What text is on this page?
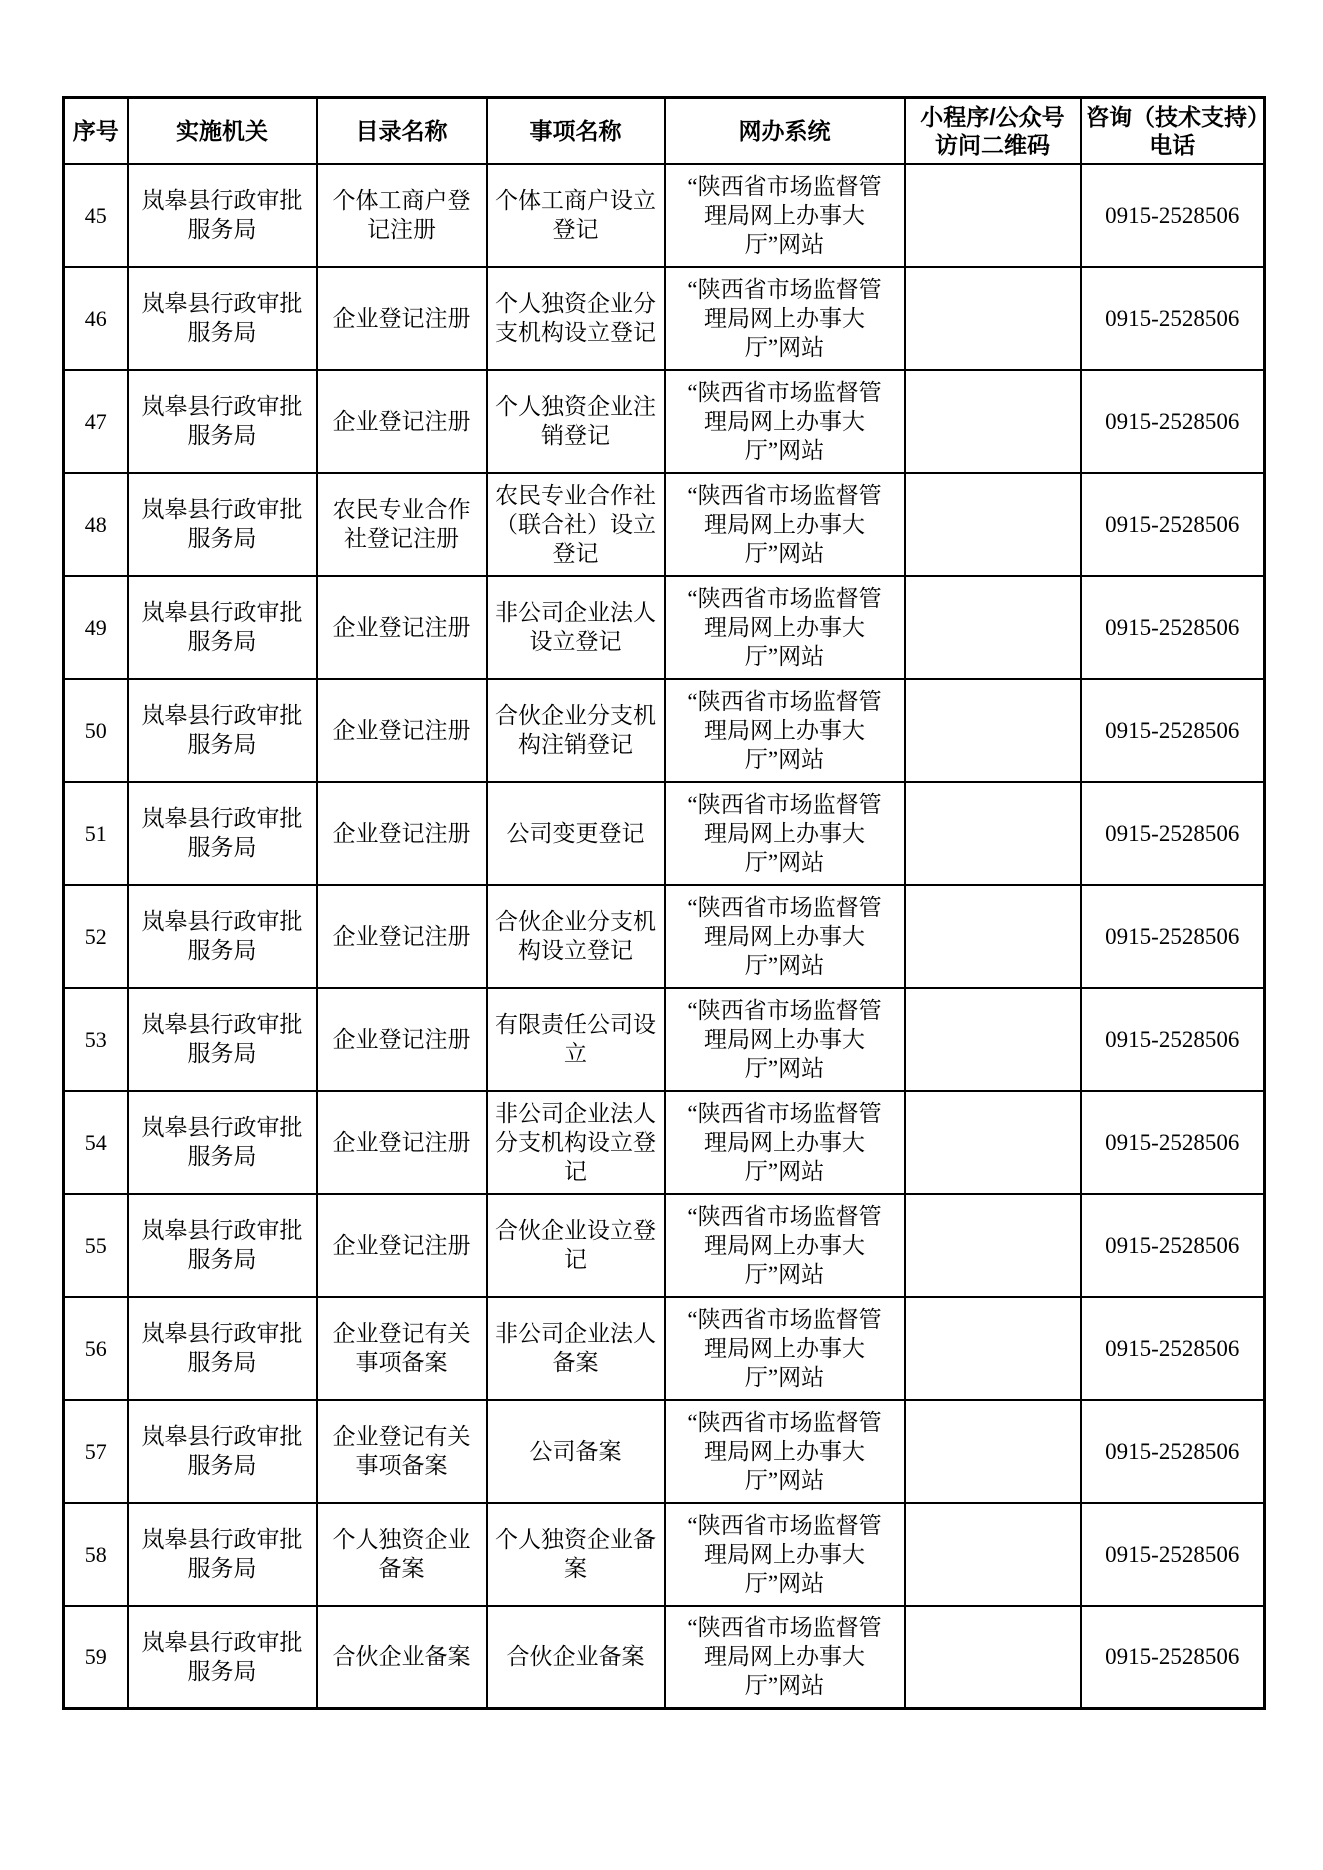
序号	实施机关	目录名称	事项名称	网办系统	小程序/公众号访问二维码	咨询（技术支持）电话
45	岚皋县行政审批服务局	个体工商户登记注册	个体工商户设立登记	“陕西省市场监督管理局网上办事大厅”网站		0915-2528506
46	岚皋县行政审批服务局	企业登记注册	个人独资企业分支机构设立登记	“陕西省市场监督管理局网上办事大厅”网站		0915-2528506
47	岚皋县行政审批服务局	企业登记注册	个人独资企业注销登记	“陕西省市场监督管理局网上办事大厅”网站		0915-2528506
48	岚皋县行政审批服务局	农民专业合作社登记注册	农民专业合作社（联合社）设立登记	“陕西省市场监督管理局网上办事大厅”网站		0915-2528506
49	岚皋县行政审批服务局	企业登记注册	非公司企业法人设立登记	“陕西省市场监督管理局网上办事大厅”网站		0915-2528506
50	岚皋县行政审批服务局	企业登记注册	合伙企业分支机构注销登记	“陕西省市场监督管理局网上办事大厅”网站		0915-2528506
51	岚皋县行政审批服务局	企业登记注册	公司变更登记	“陕西省市场监督管理局网上办事大厅”网站		0915-2528506
52	岚皋县行政审批服务局	企业登记注册	合伙企业分支机构设立登记	“陕西省市场监督管理局网上办事大厅”网站		0915-2528506
53	岚皋县行政审批服务局	企业登记注册	有限责任公司设立	“陕西省市场监督管理局网上办事大厅”网站		0915-2528506
54	岚皋县行政审批服务局	企业登记注册	非公司企业法人分支机构设立登记	“陕西省市场监督管理局网上办事大厅”网站		0915-2528506
55	岚皋县行政审批服务局	企业登记注册	合伙企业设立登记	“陕西省市场监督管理局网上办事大厅”网站		0915-2528506
56	岚皋县行政审批服务局	企业登记有关事项备案	非公司企业法人备案	“陕西省市场监督管理局网上办事大厅”网站		0915-2528506
57	岚皋县行政审批服务局	企业登记有关事项备案	公司备案	“陕西省市场监督管理局网上办事大厅”网站		0915-2528506
58	岚皋县行政审批服务局	个人独资企业备案	个人独资企业备案	“陕西省市场监督管理局网上办事大厅”网站		0915-2528506
59	岚皋县行政审批服务局	合伙企业备案	合伙企业备案	“陕西省市场监督管理局网上办事大厅”网站		0915-2528506
